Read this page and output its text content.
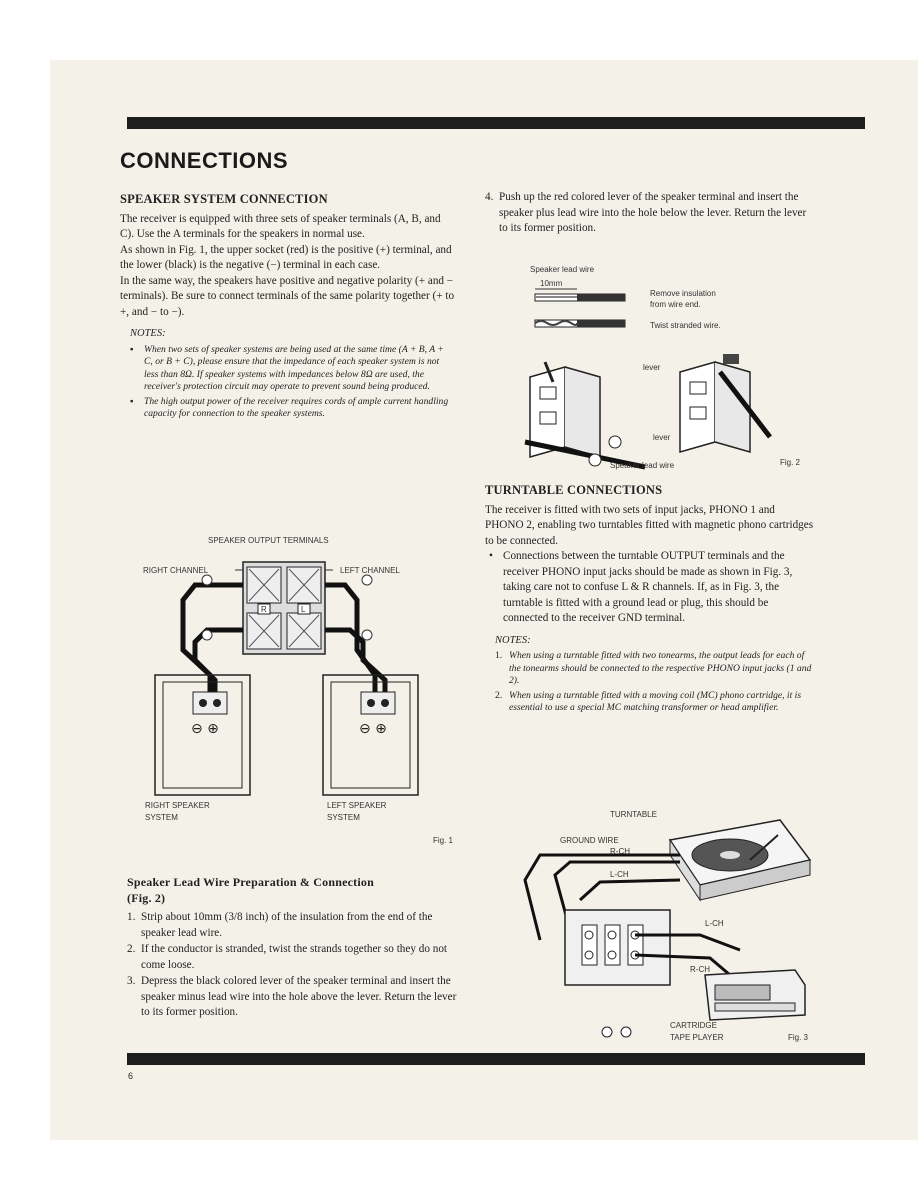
CONNECTIONS
SPEAKER SYSTEM CONNECTION

The receiver is equipped with three sets of speaker terminals (A, B, and C). Use the A terminals for the speakers in normal use.

As shown in Fig. 1, the upper socket (red) is the positive (+) terminal, and the lower (black) is the negative (−) terminal in each case.

In the same way, the speakers have positive and negative polarity (+ and − terminals). Be sure to connect terminals of the same polarity together (+ to +, and − to −).

NOTES:
▪ When two sets of speaker systems are being used at the same time (A + B, A + C, or B + C), please ensure that the impedance of each speaker system is not less than 8Ω. If speaker systems with impedances below 8Ω are used, the receiver's protection circuit may operate to prevent sound being produced.
▪ The high output power of the receiver requires cords of ample current handling capacity for connection to the speaker systems.
SPEAKER OUTPUT TERMINALS
RIGHT CHANNEL	LEFT CHANNEL
R	L
⊖ ⊕	⊖ ⊕
RIGHT SPEAKER
SYSTEM
LEFT SPEAKER
SYSTEM
Fig. 1
Speaker Lead Wire Preparation & Connection
(Fig. 2)
1. Strip about 10mm (3/8 inch) of the insulation from the end of the speaker lead wire.
2. If the conductor is stranded, twist the strands together so they do not come loose.
3. Depress the black colored lever of the speaker terminal and insert the speaker minus lead wire into the hole above the lever. Return the lever to its former position.
4. Push up the red colored lever of the speaker terminal and insert the speaker plus lead wire into the hole below the lever. Return the lever to its former position.
Speaker lead wire
10mm
Remove insulation
from wire end.
Twist stranded wire.
lever
lever
Speaker lead wire	Fig. 2
TURNTABLE CONNECTIONS

The receiver is fitted with two sets of input jacks, PHONO 1 and PHONO 2, enabling two turntables fitted with magnetic phono cartridges to be connected.

• Connections between the turntable OUTPUT terminals and the receiver PHONO input jacks should be made as shown in Fig. 3, taking care not to confuse L & R channels. If, as in Fig. 3, the turntable is fitted with a ground lead or plug, this should be connected to the receiver GND terminal.

NOTES:
1. When using a turntable fitted with two tonearms, the output leads for each of the tonearms should be connected to the respective PHONO input jacks (1 and 2).
2. When using a turntable fitted with a moving coil (MC) phono cartridge, it is essential to use a special MC matching transformer or head amplifier.
TURNTABLE
GROUND WIRE
R-CH
L-CH
L-CH
R-CH
CARTRIDGE
TAPE PLAYER	Fig. 3
6
